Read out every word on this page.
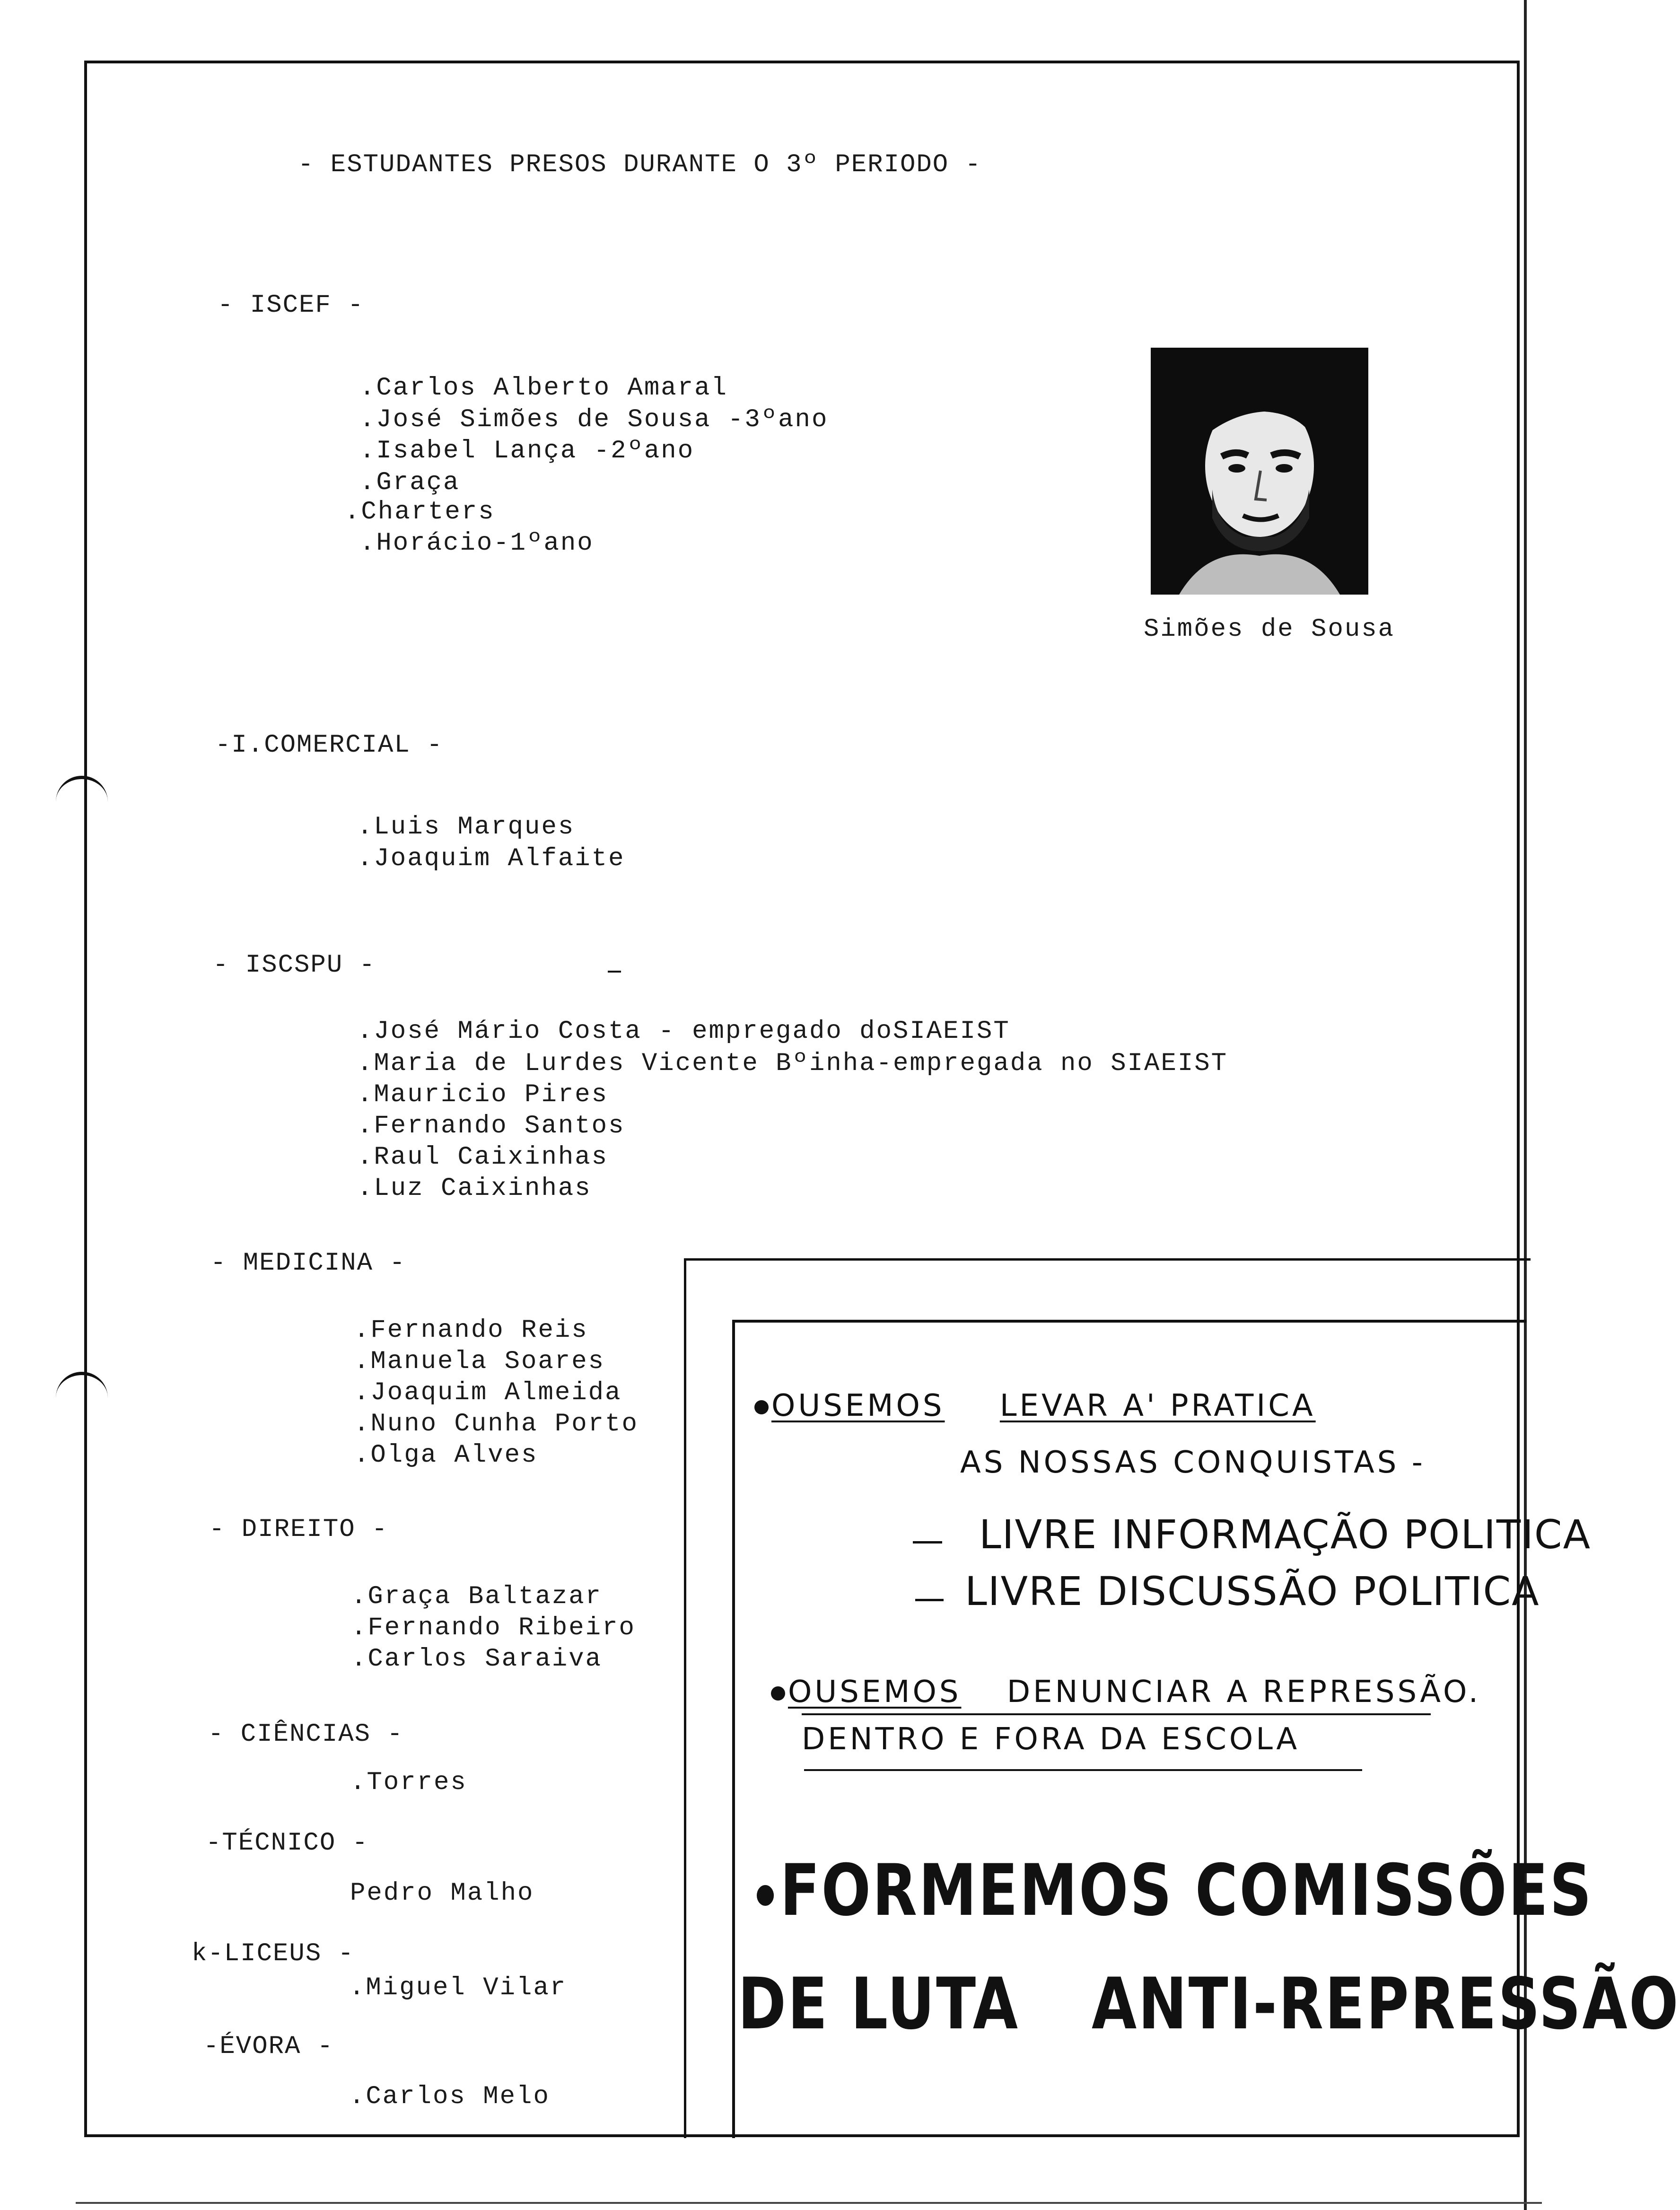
- ESTUDANTES PRESOS DURANTE O 3º PERIODO -
- ISCEF -
.Carlos Alberto Amaral
.José Simões de Sousa -3ºano
.Isabel Lança -2ºano
.Graça
.Charters
.Horácio-1ºano
Simões de Sousa
-I.COMERCIAL -
.Luis Marques
.Joaquim Alfaite
- ISCSPU -
.José Mário Costa - empregado doSIAEIST
.Maria de Lurdes Vicente Bºinha-empregada no SIAEIST
.Mauricio Pires
.Fernando Santos
.Raul Caixinhas
.Luz Caixinhas
- MEDICINA -
.Fernando Reis
.Manuela Soares
.Joaquim Almeida
.Nuno Cunha Porto
.Olga Alves
- DIREITO -
.Graça Baltazar
.Fernando Ribeiro
.Carlos Saraiva
- CIÊNCIAS -
.Torres
-TÉCNICO -
Pedro Malho
k-LICEUS -
.Miguel Vilar
-ÉVORA -
.Carlos Melo
OUSEMOS LEVAR A' PRATICA
AS NOSSAS CONQUISTAS -
LIVRE INFORMAÇÃO POLITICA
LIVRE DISCUSSÃO POLITICA
OUSEMOS DENUNCIAR A REPRESSÃO.
DENTRO E FORA DA ESCOLA
FORMEMOS COMISSÕES
DE LUTA ANTI-REPRESSÃO
